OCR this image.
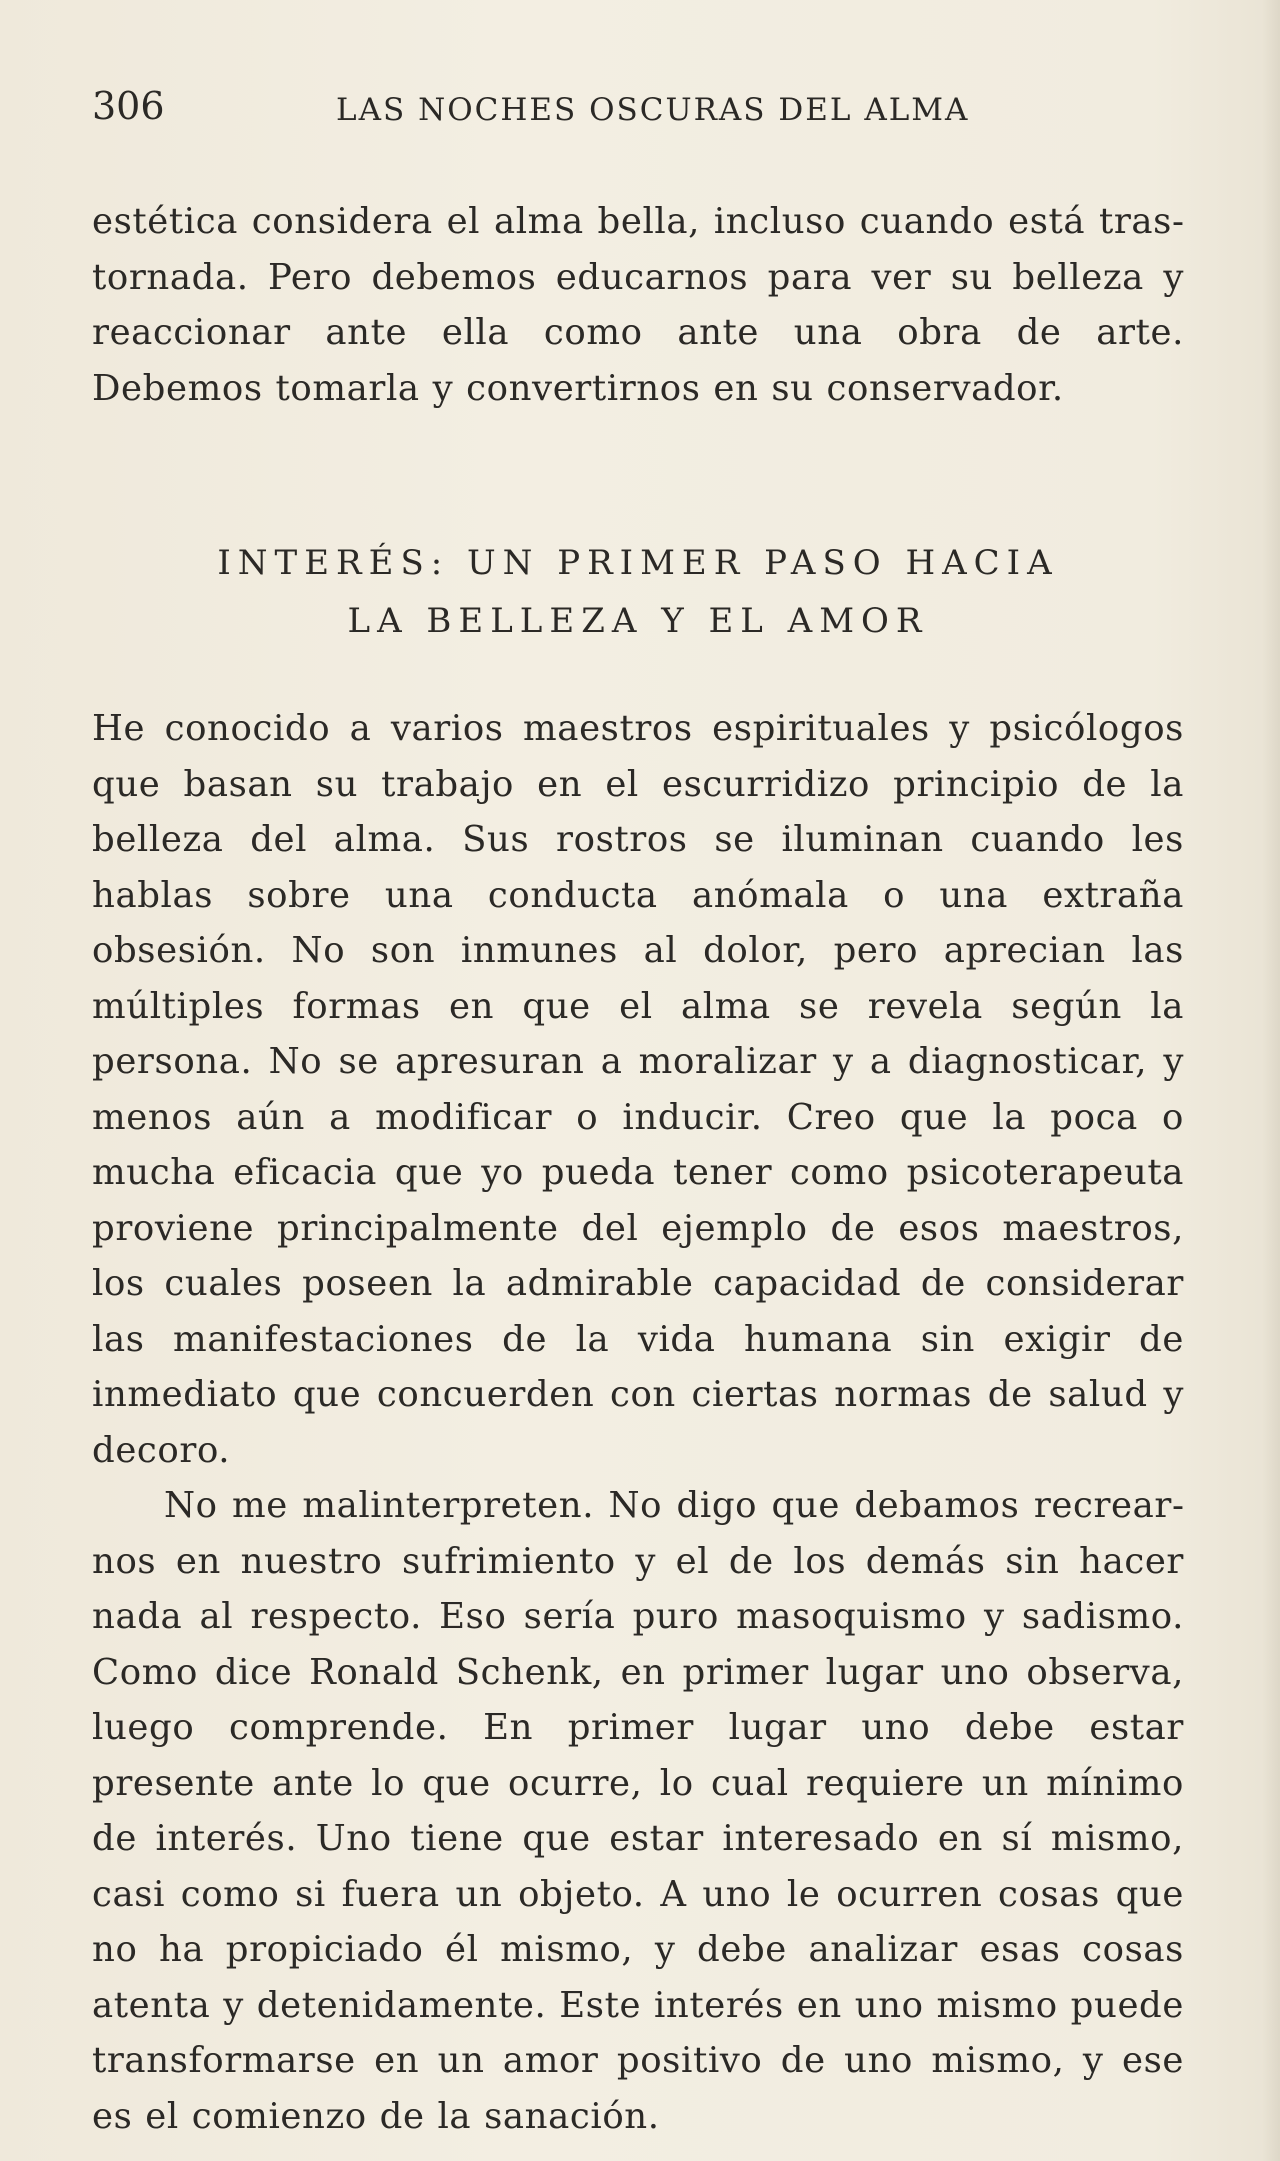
306	LAS NOCHES OSCURAS DEL ALMA

estética considera el alma bella, incluso cuando está trastornada. Pero debemos educarnos para ver su belleza y reaccionar ante ella como ante una obra de arte. Debemos tomarla y convertirnos en su conservador.

INTERÉS: UN PRIMER PASO HACIA
LA BELLEZA Y EL AMOR

He conocido a varios maestros espirituales y psicólogos que basan su trabajo en el escurridizo principio de la belleza del alma. Sus rostros se iluminan cuando les hablas sobre una conducta anómala o una extraña obsesión. No son inmunes al dolor, pero aprecian las múltiples formas en que el alma se revela según la persona. No se apresuran a moralizar y a diagnosticar, y menos aún a modificar o inducir. Creo que la poca o mucha eficacia que yo pueda tener como psicoterapeuta proviene principalmente del ejemplo de esos maestros, los cuales poseen la admirable capacidad de considerar las manifestaciones de la vida humana sin exigir de inmediato que concuerden con ciertas normas de salud y decoro.

No me malinterpreten. No digo que debamos recrearnos en nuestro sufrimiento y el de los demás sin hacer nada al respecto. Eso sería puro masoquismo y sadismo. Como dice Ronald Schenk, en primer lugar uno observa, luego comprende. En primer lugar uno debe estar presente ante lo que ocurre, lo cual requiere un mínimo de interés. Uno tiene que estar interesado en sí mismo, casi como si fuera un objeto. A uno le ocurren cosas que no ha propiciado él mismo, y debe analizar esas cosas atenta y detenidamente. Este interés en uno mismo puede transformarse en un amor positivo de uno mismo, y ese es el comienzo de la sanación.
